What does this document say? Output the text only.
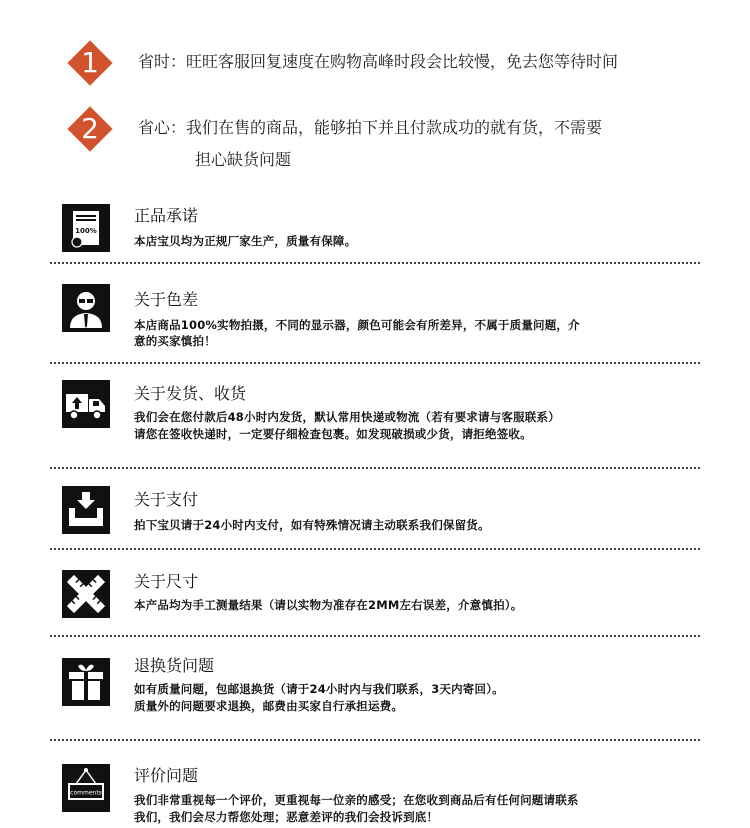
1	省时：旺旺客服回复速度在购物高峰时段会比较慢，免去您等待时间
2	省心：我们在售的商品，能够拍下并且付款成功的就有货，不需要
担心缺货问题
100%
正品承诺
本店宝贝均为正规厂家生产，质量有保障。
关于色差
本店商品100%实物拍摄，不同的显示器，颜色可能会有所差异，不属于质量问题，介
意的买家慎拍！
关于发货、收货
我们会在您付款后48小时内发货，默认常用快递或物流（若有要求请与客服联系）
请您在签收快递时，一定要仔细检查包裹。如发现破损或少货，请拒绝签收。
关于支付
拍下宝贝请于24小时内支付，如有特殊情况请主动联系我们保留货。
关于尺寸
本产品均为手工测量结果（请以实物为准存在2MM左右误差，介意慎拍）。
退换货问题
如有质量问题，包邮退换货（请于24小时内与我们联系，3天内寄回）。
质量外的问题要求退换，邮费由买家自行承担运费。
comments
评价问题
我们非常重视每一个评价，更重视每一位亲的感受；在您收到商品后有任何问题请联系
我们，我们会尽力帮您处理；恶意差评的我们会投诉到底！
